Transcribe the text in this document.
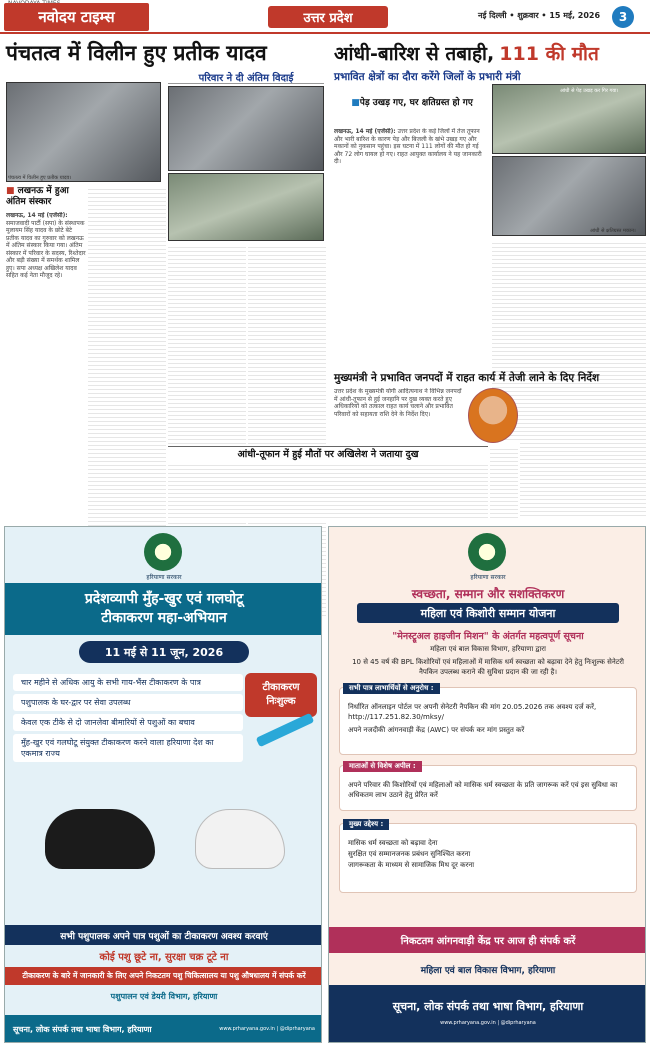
नवोदय टाइम्स	उत्तर प्रदेश	नई दिल्ली • शुक्रवार • 15 मई, 2026	3
पंचतत्व में विलीन हुए प्रतीक यादव
परिवार ने दी अंतिम विदाई
पंचतत्व में विलीन हुए प्रतीक यादव।
■ लखनऊ में हुआ अंतिम संस्कार
लखनऊ, 14 मई (एजेंसी): समाजवादी पार्टी (सपा) के संस्थापक मुलायम सिंह यादव के छोटे बेटे प्रतीक यादव का गुरुवार को लखनऊ में अंतिम संस्कार किया गया। अंतिम संस्कार में परिवार के सदस्य, रिश्तेदार और बड़ी संख्या में समर्थक शामिल हुए। सपा अध्यक्ष अखिलेश यादव सहित कई नेता मौजूद रहे।
आंधी-तूफान में हुई मौतों पर अखिलेश ने जताया दुख
आंधी-बारिश से तबाही, 111 की मौत
प्रभावित क्षेत्रों का दौरा करेंगे जिलों के प्रभारी मंत्री
आंधी से पेड़ उखड़ कर गिर गया।
■पेड़ उखड़ गए, घर क्षतिग्रस्त हो गए
लखनऊ, 14 मई (एजेंसी): उत्तर प्रदेश के कई जिलों में तेज तूफान और भारी बारिश के कारण पेड़ और बिजली के खंभे उखड़ गए और मकानों को नुकसान पहुंचा। इस घटना में 111 लोगों की मौत हो गई और 72 लोग घायल हो गए। राहत आयुक्त कार्यालय ने यह जानकारी दी।
आंधी से क्षतिग्रस्त मकान।
मुख्यमंत्री ने प्रभावित जनपदों में राहत कार्य में तेजी लाने के दिए निर्देश
उत्तर प्रदेश के मुख्यमंत्री योगी आदित्यनाथ ने विभिन्न जनपदों में आंधी-तूफान से हुई जनहानि पर दुख व्यक्त करते हुए अधिकारियों को तत्काल राहत कार्य चलाने और प्रभावित परिवारों को सहायता राशि देने के निर्देश दिए।
हरियाणा सरकार
प्रदेशव्यापी मुँह-खुर एवं गलघोटू
टीकाकरण महा-अभियान
11 मई से 11 जून, 2026
चार महीने से अधिक आयु के सभी गाय-भैंस टीकाकरण के पात्र
पशुपालक के घर-द्वार पर सेवा उपलब्ध
केवल एक टीके से दो जानलेवा बीमारियों से पशुओं का बचाव
मुँह-खुर एवं गलघोटू संयुक्त टीकाकरण करने वाला हरियाणा देश का एकमात्र राज्य
टीकाकरण
निःशुल्क
सभी पशुपालक अपने पात्र पशुओं का टीकाकरण अवश्य करवाएं
कोई पशु छूटे ना, सुरक्षा चक्र टूटे ना
टीकाकरण के बारे में जानकारी के लिए अपने निकटतम पशु चिकित्सालय या पशु औषधालय में संपर्क करें
पशुपालन एवं डेयरी विभाग, हरियाणा
सूचना, लोक संपर्क तथा भाषा विभाग, हरियाणा	www.prharyana.gov.in | @diprharyana
हरियाणा सरकार
स्वच्छता, सम्मान और सशक्तिकरण
महिला एवं किशोरी सम्मान योजना
"मेनस्ट्रूअल हाइजीन मिशन" के अंतर्गत महत्वपूर्ण सूचना
महिला एवं बाल विकास विभाग, हरियाणा द्वारा
10 से 45 वर्ष की BPL किशोरियों एवं महिलाओं में मासिक धर्म स्वच्छता को बढ़ावा देने हेतु निःशुल्क सेनेटरी नैपकिन उपलब्ध कराने की सुविधा प्रदान की जा रही है।
निर्धारित ऑनलाइन पोर्टल पर अपनी सेनेटरी नैपकिन की मांग 20.05.2026 तक अवश्य दर्ज करें, http://117.251.82.30/mksy/
अपने नजदीकी आंगनवाड़ी केंद्र (AWC) पर संपर्क कर मांग प्रस्तुत करें
सभी पात्र लाभार्थियों से अनुरोध :
अपने परिवार की किशोरियों एवं महिलाओं को मासिक धर्म स्वच्छता के प्रति जागरूक करें एवं इस सुविधा का अधिकतम लाभ उठाने हेतु प्रेरित करें
माताओं से विशेष अपील :
मासिक धर्म स्वच्छता को बढ़ावा देना
सुरक्षित एवं सम्मानजनक प्रबंधन सुनिश्चित करना
जागरूकता के माध्यम से सामाजिक मिथ दूर करना
मुख्य उद्देश्य :
निकटतम आंगनवाड़ी केंद्र पर आज ही संपर्क करें
महिला एवं बाल विकास विभाग, हरियाणा
सूचना, लोक संपर्क तथा भाषा विभाग, हरियाणा
www.prharyana.gov.in | @diprharyana
